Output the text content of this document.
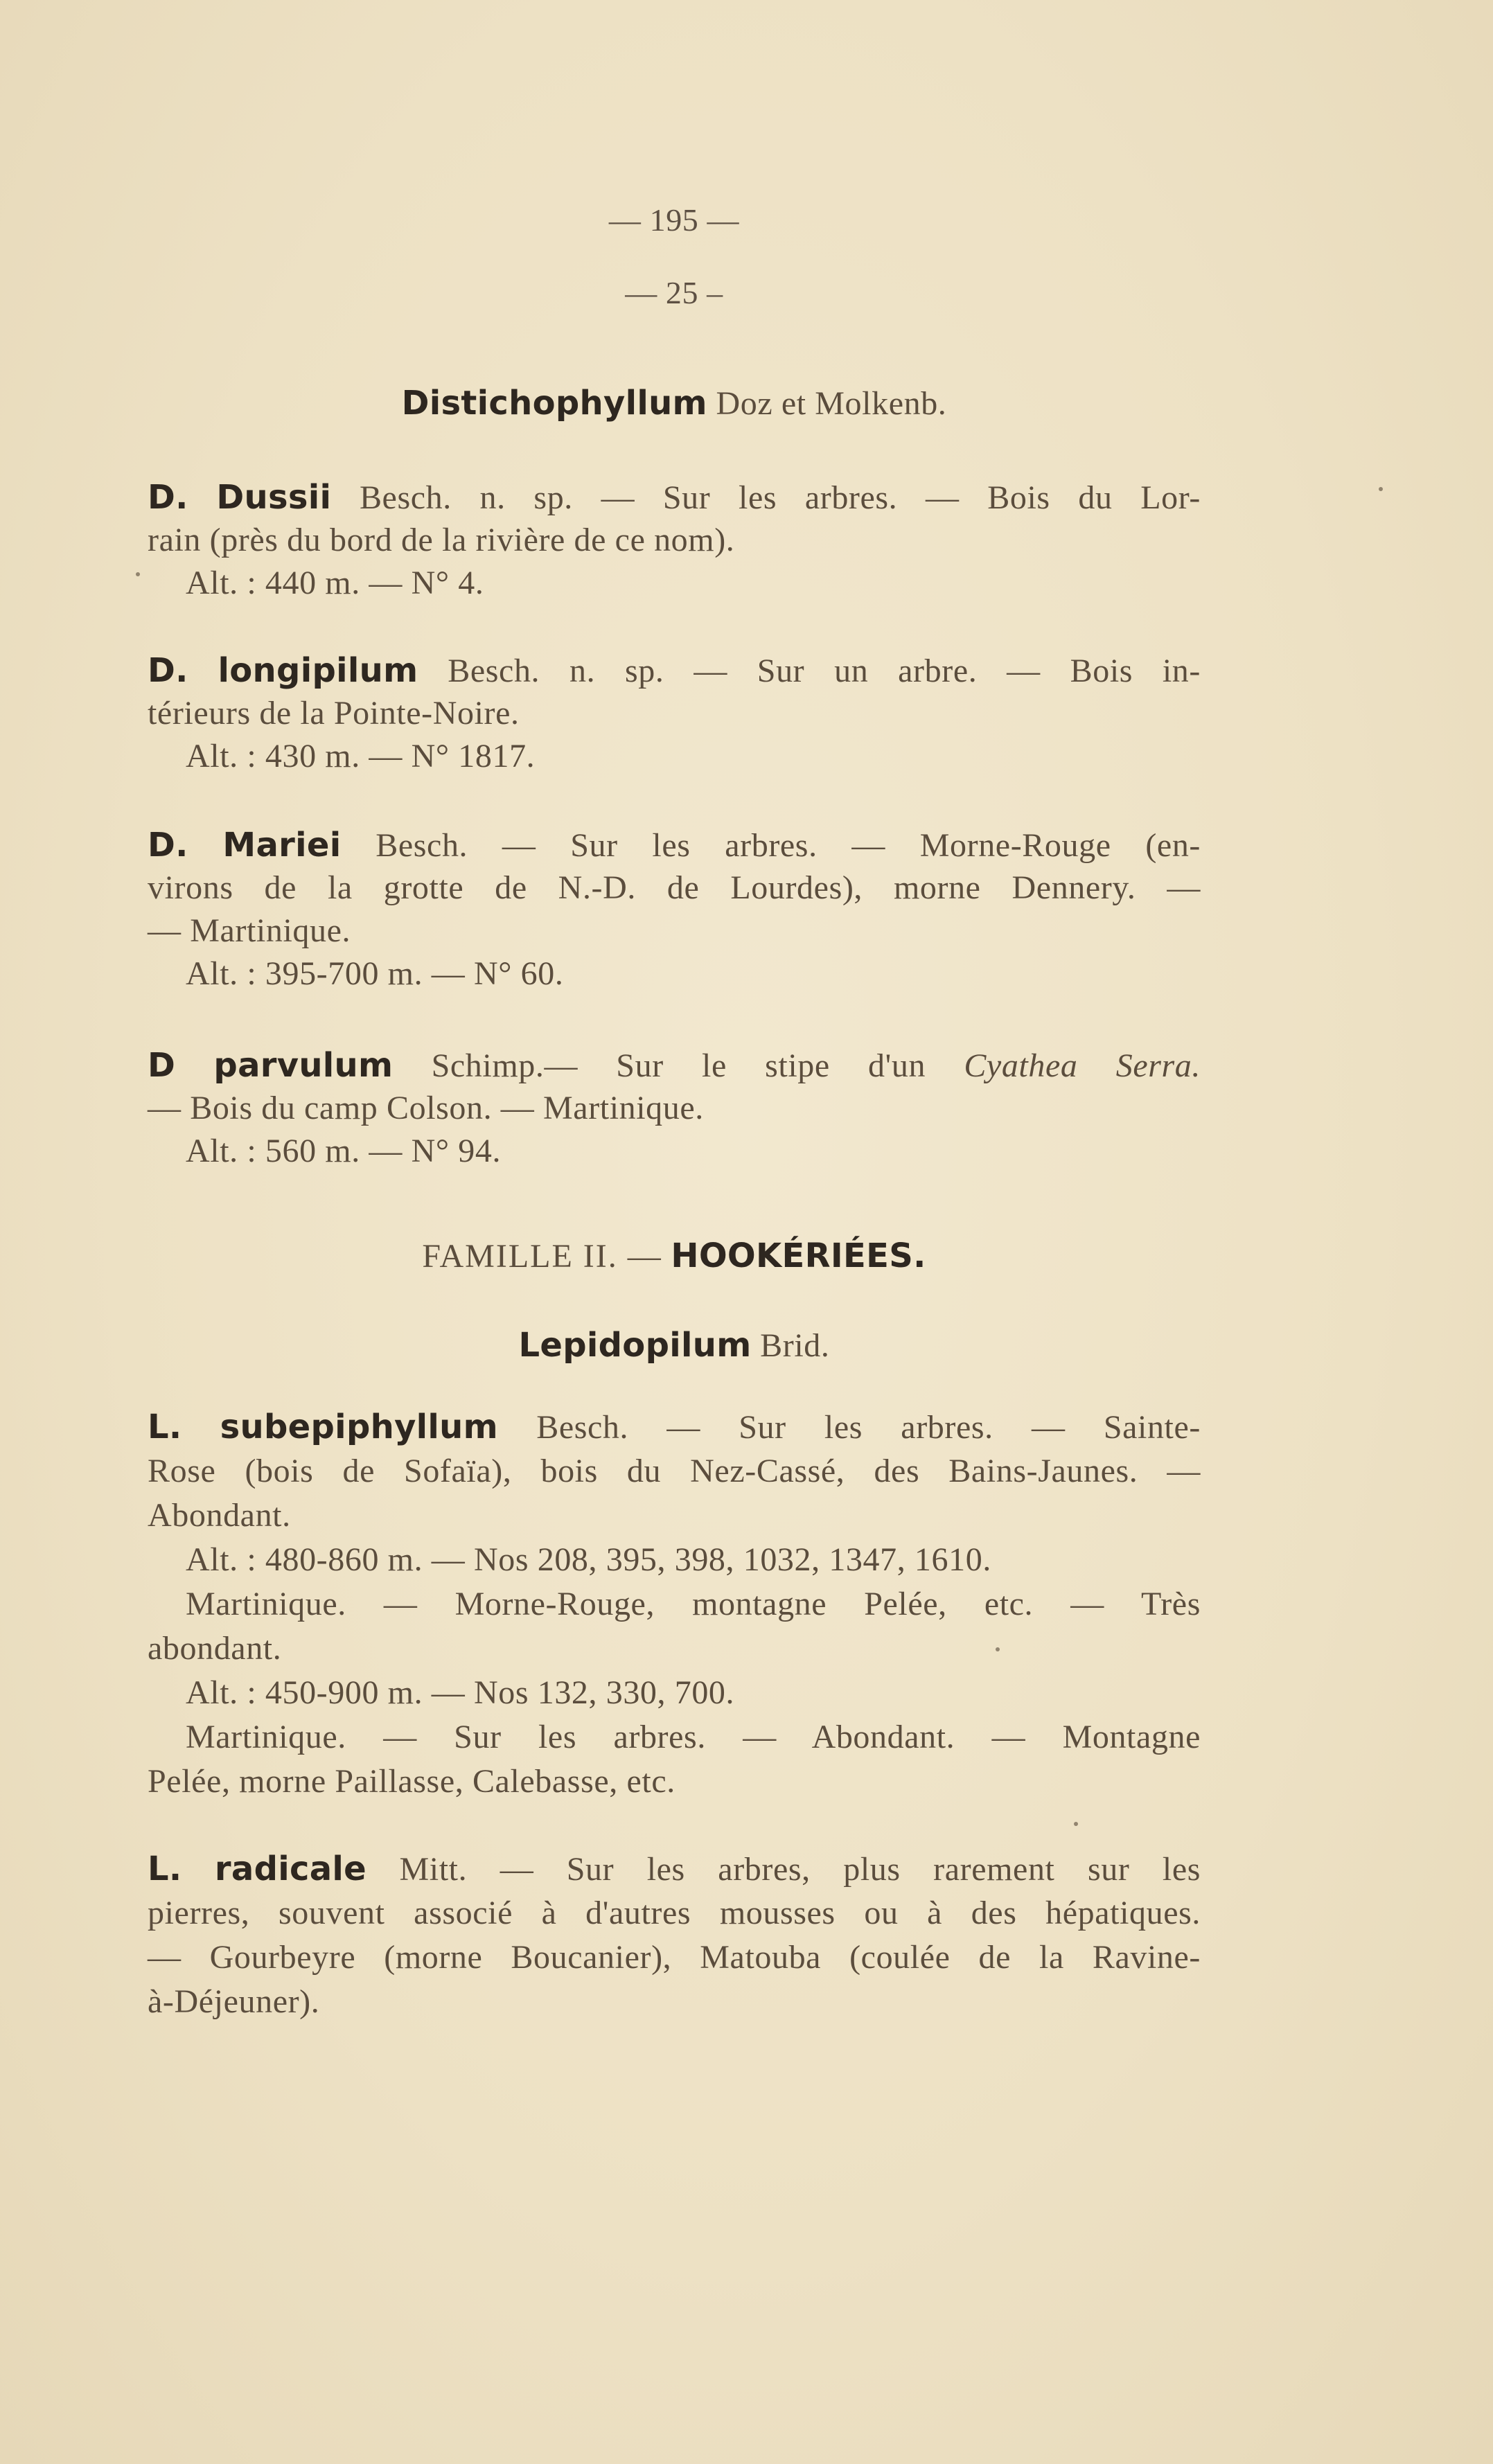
— 195 —
— 25 –
Distichophyllum Doz et Molkenb.
D. Dussii Besch. n. sp. — Sur les arbres. — Bois du Lor-
rain (près du bord de la rivière de ce nom).
Alt. : 440 m. — N° 4.
D. longipilum Besch. n. sp. — Sur un arbre. — Bois in-
térieurs de la Pointe-Noire.
Alt. : 430 m. — N° 1817.
D. Mariei Besch. — Sur les arbres. — Morne-Rouge (en-
virons de la grotte de N.-D. de Lourdes), morne Dennery. —
— Martinique.
Alt. : 395-700 m. — N° 60.
D parvulum Schimp.— Sur le stipe d'un Cyathea Serra.
— Bois du camp Colson. — Martinique.
Alt. : 560 m. — N° 94.
FAMILLE II. — HOOKÉRIÉES.
Lepidopilum Brid.
L. subepiphyllum Besch. — Sur les arbres. — Sainte-
Rose (bois de Sofaïa), bois du Nez-Cassé, des Bains-Jaunes. —
Abondant.
Alt. : 480-860 m. — Nos 208, 395, 398, 1032, 1347, 1610.
Martinique. — Morne-Rouge, montagne Pelée, etc. — Très
abondant.
Alt. : 450-900 m. — Nos 132, 330, 700.
Martinique. — Sur les arbres. — Abondant. — Montagne
Pelée, morne Paillasse, Calebasse, etc.
L. radicale Mitt. — Sur les arbres, plus rarement sur les
pierres, souvent associé à d'autres mousses ou à des hépatiques.
— Gourbeyre (morne Boucanier), Matouba (coulée de la Ravine-
à-Déjeuner).
